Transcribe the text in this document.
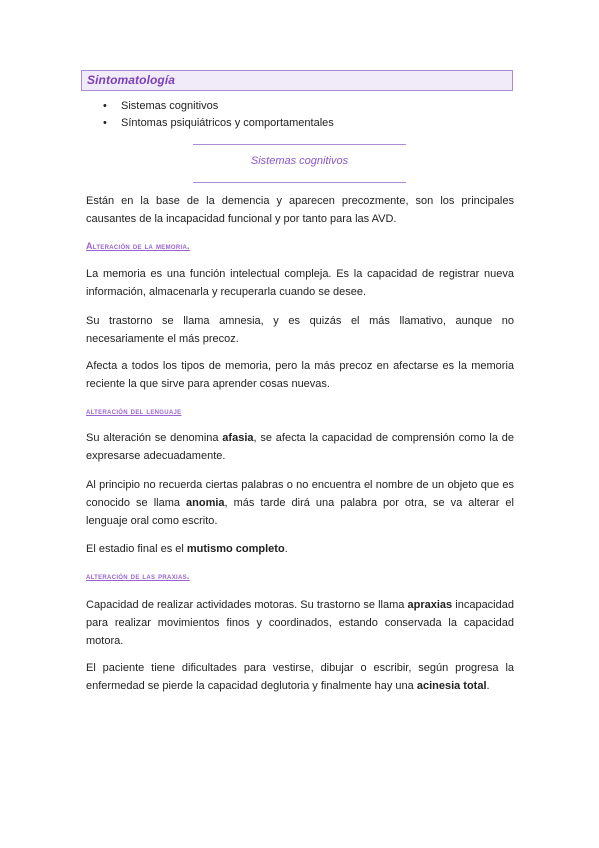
Sintomatología
• Sistemas cognitivos
• Síntomas psiquiátricos y comportamentales
Sistemas cognitivos

Están en la base de la demencia y aparecen precozmente, son los principales causantes de la incapacidad funcional y por tanto para las AVD.

Alteración de la memoria.

La memoria es una función intelectual compleja. Es la capacidad de registrar nueva información, almacenarla y recuperarla cuando se desee.

Su trastorno se llama amnesia, y es quizás el más llamativo, aunque no necesariamente el más precoz.

Afecta a todos los tipos de memoria, pero la más precoz en afectarse es la memoria reciente la que sirve para aprender cosas nuevas.

alteración del lenguaje

Su alteración se denomina afasia, se afecta la capacidad de comprensión como la de expresarse adecuadamente.

Al principio no recuerda ciertas palabras o no encuentra el nombre de un objeto que es conocido se llama anomia, más tarde dirá una palabra por otra, se va alterar el lenguaje oral como escrito.

El estadio final es el mutismo completo.

alteración de las praxias.

Capacidad de realizar actividades motoras. Su trastorno se llama apraxias incapacidad para realizar movimientos finos y coordinados, estando conservada la capacidad motora.

El paciente tiene dificultades para vestirse, dibujar o escribir, según progresa la enfermedad se pierde la capacidad deglutoria y finalmente hay una acinesia total.
